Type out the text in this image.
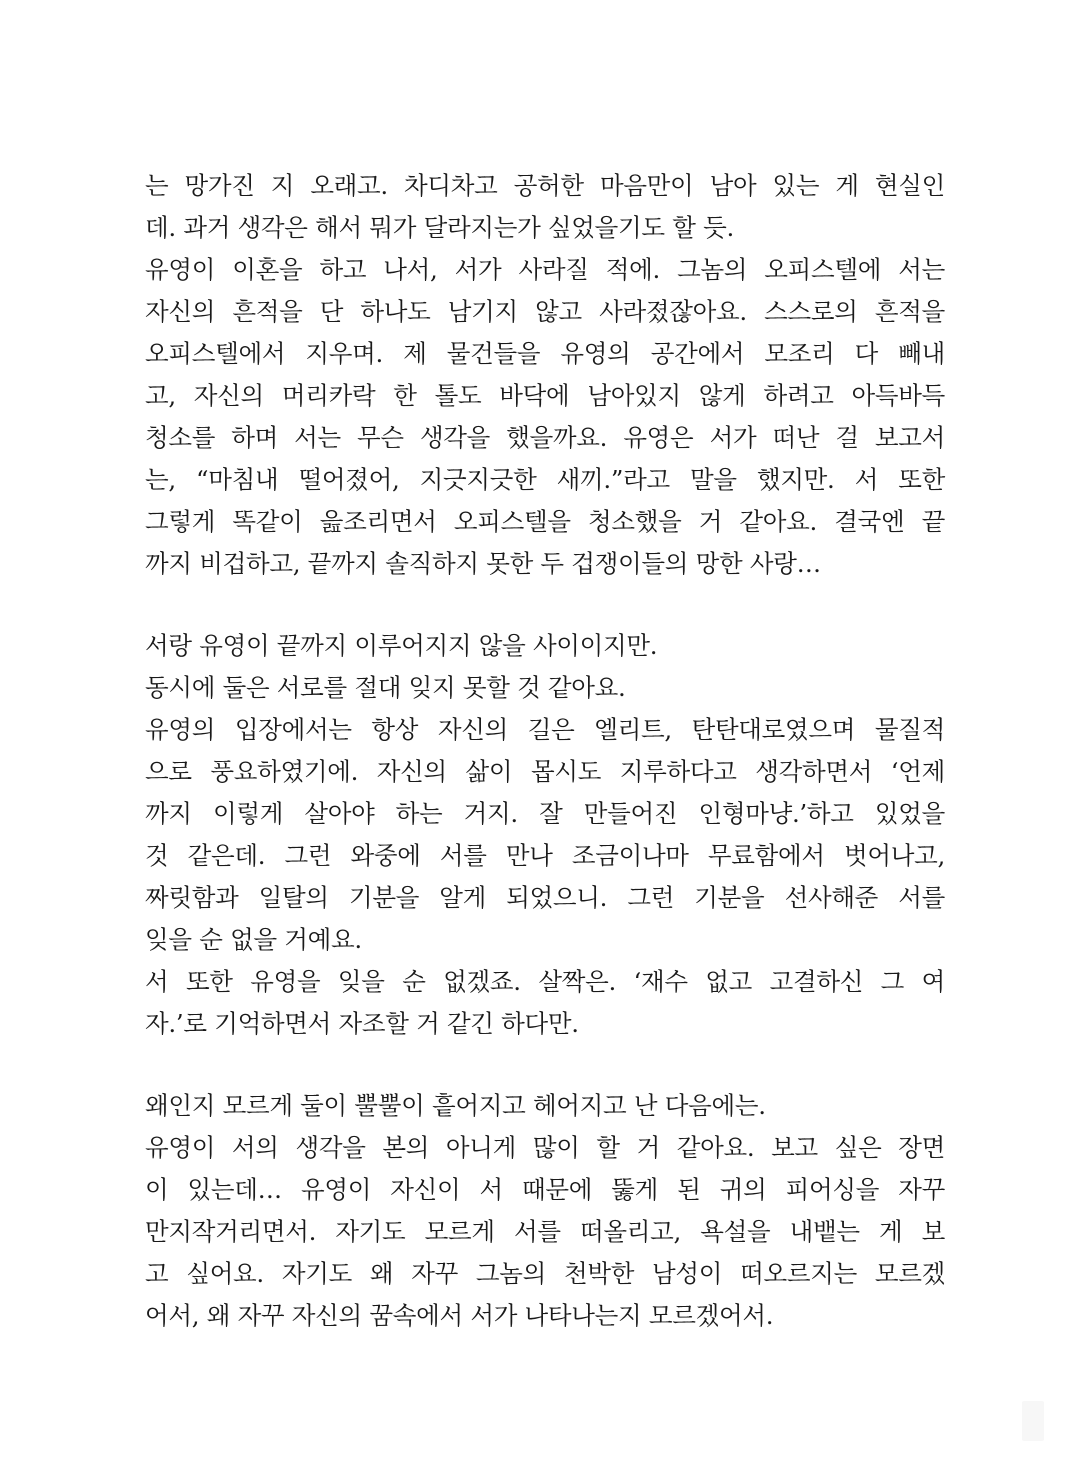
는 망가진 지 오래고. 차디차고 공허한 마음만이 남아 있는 게 현실인
데. 과거 생각은 해서 뭐가 달라지는가 싶었을기도 할 듯.
유영이 이혼을 하고 나서, 서가 사라질 적에. 그놈의 오피스텔에 서는
자신의 흔적을 단 하나도 남기지 않고 사라졌잖아요. 스스로의 흔적을
오피스텔에서 지우며. 제 물건들을 유영의 공간에서 모조리 다 빼내
고, 자신의 머리카락 한 톨도 바닥에 남아있지 않게 하려고 아득바득
청소를 하며 서는 무슨 생각을 했을까요. 유영은 서가 떠난 걸 보고서
는, “마침내 떨어졌어, 지긋지긋한 새끼.”라고 말을 했지만. 서 또한
그렇게 똑같이 읊조리면서 오피스텔을 청소했을 거 같아요. 결국엔 끝
까지 비겁하고, 끝까지 솔직하지 못한 두 겁쟁이들의 망한 사랑…
서랑 유영이 끝까지 이루어지지 않을 사이이지만.
동시에 둘은 서로를 절대 잊지 못할 것 같아요.
유영의 입장에서는 항상 자신의 길은 엘리트, 탄탄대로였으며 물질적
으로 풍요하였기에. 자신의 삶이 몹시도 지루하다고 생각하면서 ‘언제
까지 이렇게 살아야 하는 거지. 잘 만들어진 인형마냥.’하고 있었을
것 같은데. 그런 와중에 서를 만나 조금이나마 무료함에서 벗어나고,
짜릿함과 일탈의 기분을 알게 되었으니. 그런 기분을 선사해준 서를
잊을 순 없을 거예요.
서 또한 유영을 잊을 순 없겠죠. 살짝은. ‘재수 없고 고결하신 그 여
자.’로 기억하면서 자조할 거 같긴 하다만.
왜인지 모르게 둘이 뿔뿔이 흩어지고 헤어지고 난 다음에는.
유영이 서의 생각을 본의 아니게 많이 할 거 같아요. 보고 싶은 장면
이 있는데… 유영이 자신이 서 때문에 뚫게 된 귀의 피어싱을 자꾸
만지작거리면서. 자기도 모르게 서를 떠올리고, 욕설을 내뱉는 게 보
고 싶어요. 자기도 왜 자꾸 그놈의 천박한 남성이 떠오르지는 모르겠
어서, 왜 자꾸 자신의 꿈속에서 서가 나타나는지 모르겠어서.
